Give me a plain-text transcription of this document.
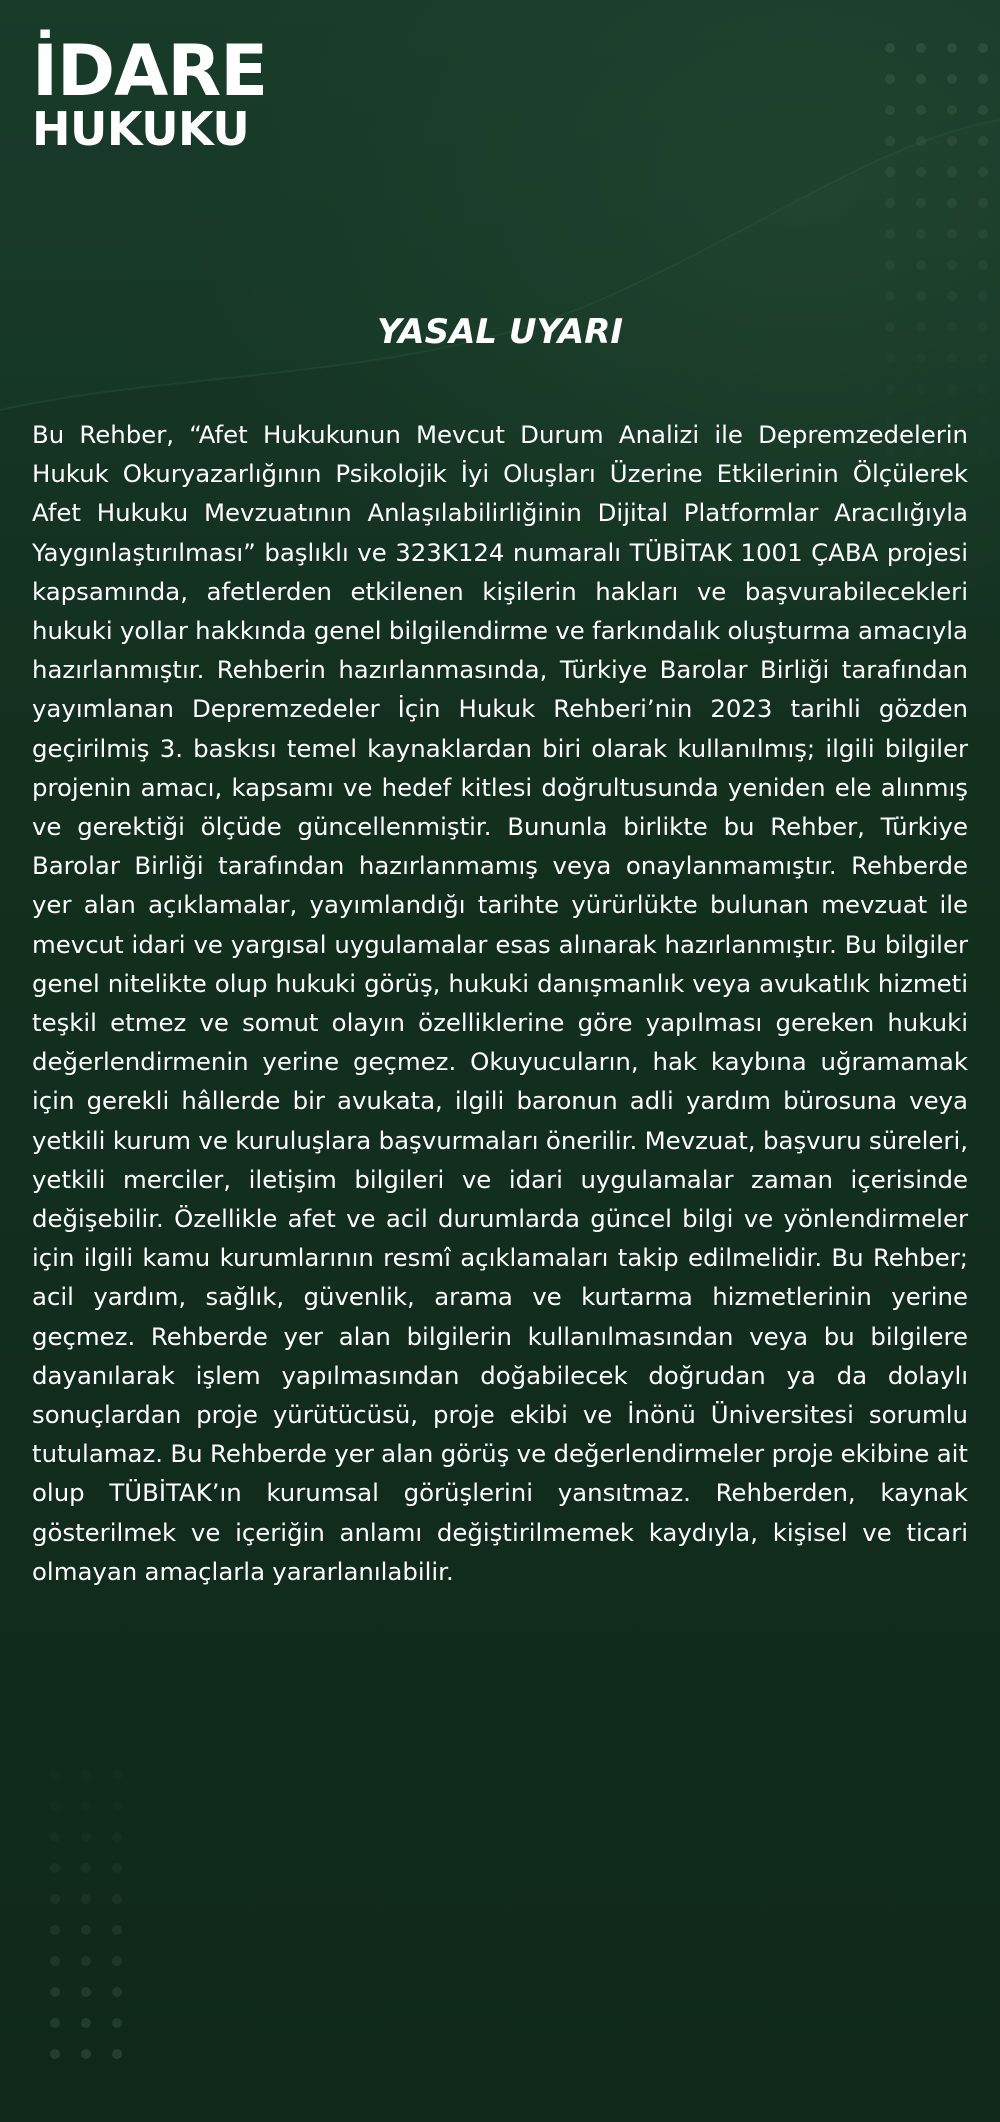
İDARE
HUKUKU
YASAL UYARI

Bu Rehber, “Afet Hukukunun Mevcut Durum Analizi ile Depremzedelerin Hukuk Okuryazarlığının Psikolojik İyi Oluşları Üzerine Etkilerinin Ölçülerek Afet Hukuku Mevzuatının Anlaşılabilirliğinin Dijital Platformlar Aracılığıyla Yaygınlaştırılması” başlıklı ve 323K124 numaralı TÜBİTAK 1001 ÇABA projesi kapsamında, afetlerden etkilenen kişilerin hakları ve başvurabilecekleri hukuki yollar hakkında genel bilgilendirme ve farkındalık oluşturma amacıyla hazırlanmıştır. Rehberin hazırlanmasında, Türkiye Barolar Birliği tarafından yayımlanan Depremzedeler İçin Hukuk Rehberi’nin 2023 tarihli gözden geçirilmiş 3. baskısı temel kaynaklardan biri olarak kullanılmış; ilgili bilgiler projenin amacı, kapsamı ve hedef kitlesi doğrultusunda yeniden ele alınmış ve gerektiği ölçüde güncellenmiştir. Bununla birlikte bu Rehber, Türkiye Barolar Birliği tarafından hazırlanmamış veya onaylanmamıştır. Rehberde yer alan açıklamalar, yayımlandığı tarihte yürürlükte bulunan mevzuat ile mevcut idari ve yargısal uygulamalar esas alınarak hazırlanmıştır. Bu bilgiler genel nitelikte olup hukuki görüş, hukuki danışmanlık veya avukatlık hizmeti teşkil etmez ve somut olayın özelliklerine göre yapılması gereken hukuki değerlendirmenin yerine geçmez. Okuyucuların, hak kaybına uğramamak için gerekli hâllerde bir avukata, ilgili baronun adli yardım bürosuna veya yetkili kurum ve kuruluşlara başvurmaları önerilir. Mevzuat, başvuru süreleri, yetkili merciler, iletişim bilgileri ve idari uygulamalar zaman içerisinde değişebilir. Özellikle afet ve acil durumlarda güncel bilgi ve yönlendirmeler için ilgili kamu kurumlarının resmî açıklamaları takip edilmelidir. Bu Rehber; acil yardım, sağlık, güvenlik, arama ve kurtarma hizmetlerinin yerine geçmez. Rehberde yer alan bilgilerin kullanılmasından veya bu bilgilere dayanılarak işlem yapılmasından doğabilecek doğrudan ya da dolaylı sonuçlardan proje yürütücüsü, proje ekibi ve İnönü Üniversitesi sorumlu tutulamaz. Bu Rehberde yer alan görüş ve değerlendirmeler proje ekibine ait olup TÜBİTAK’ın kurumsal görüşlerini yansıtmaz. Rehberden, kaynak gösterilmek ve içeriğin anlamı değiştirilmemek kaydıyla, kişisel ve ticari olmayan amaçlarla yararlanılabilir.
